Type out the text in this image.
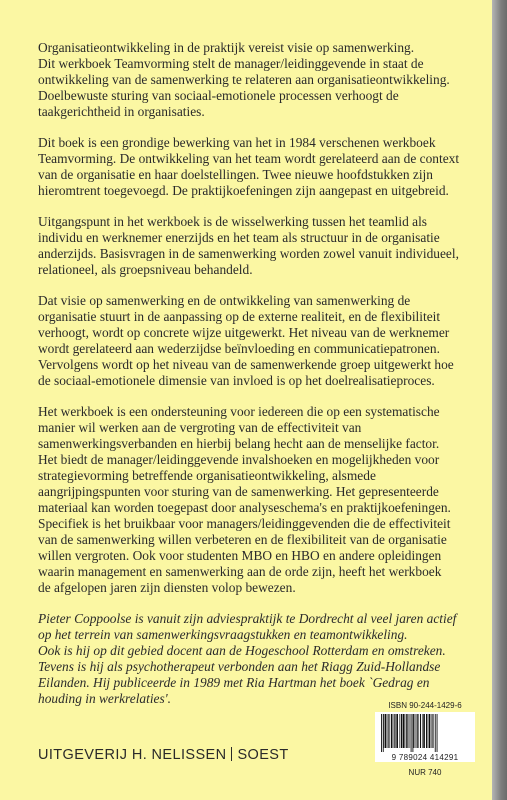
Organisatieontwikkeling in de praktijk vereist visie op samenwerking.
Dit werkboek Teamvorming stelt de manager/leidinggevende in staat de
ontwikkeling van de samenwerking te relateren aan organisatieontwikkeling.
Doelbewuste sturing van sociaal-emotionele processen verhoogt de
taakgerichtheid in organisaties.

Dit boek is een grondige bewerking van het in 1984 verschenen werkboek
Teamvorming. De ontwikkeling van het team wordt gerelateerd aan de context
van de organisatie en haar doelstellingen. Twee nieuwe hoofdstukken zijn
hieromtrent toegevoegd. De praktijkoefeningen zijn aangepast en uitgebreid.

Uitgangspunt in het werkboek is de wisselwerking tussen het teamlid als
individu en werknemer enerzijds en het team als structuur in de organisatie
anderzijds. Basisvragen in de samenwerking worden zowel vanuit individueel,
relationeel, als groepsniveau behandeld.

Dat visie op samenwerking en de ontwikkeling van samenwerking de
organisatie stuurt in de aanpassing op de externe realiteit, en de flexibiliteit
verhoogt, wordt op concrete wijze uitgewerkt. Het niveau van de werknemer
wordt gerelateerd aan wederzijdse beïnvloeding en communicatiepatronen.
Vervolgens wordt op het niveau van de samenwerkende groep uitgewerkt hoe
de sociaal-emotionele dimensie van invloed is op het doelrealisatieproces.

Het werkboek is een ondersteuning voor iedereen die op een systematische
manier wil werken aan de vergroting van de effectiviteit van
samenwerkingsverbanden en hierbij belang hecht aan de menselijke factor.
Het biedt de manager/leidinggevende invalshoeken en mogelijkheden voor
strategievorming betreffende organisatieontwikkeling, alsmede
aangrijpingspunten voor sturing van de samenwerking. Het gepresenteerde
materiaal kan worden toegepast door analyseschema's en praktijkoefeningen.
Specifiek is het bruikbaar voor managers/leidinggevenden die de effectiviteit
van de samenwerking willen verbeteren en de flexibiliteit van de organisatie
willen vergroten. Ook voor studenten MBO en HBO en andere opleidingen
waarin management en samenwerking aan de orde zijn, heeft het werkboek
de afgelopen jaren zijn diensten volop bewezen.

Pieter Coppoolse is vanuit zijn adviespraktijk te Dordrecht al veel jaren actief
op het terrein van samenwerkingsvraagstukken en teamontwikkeling.
Ook is hij op dit gebied docent aan de Hogeschool Rotterdam en omstreken.
Tevens is hij als psychotherapeut verbonden aan het Riagg Zuid-Hollandse
Eilanden. Hij publiceerde in 1989 met Ria Hartman het boek `Gedrag en
houding in werkrelaties'.	ISBN 90-244-1429-6
9 789024 414291
NUR 740
UITGEVERIJ H. NELISSEN SOEST
